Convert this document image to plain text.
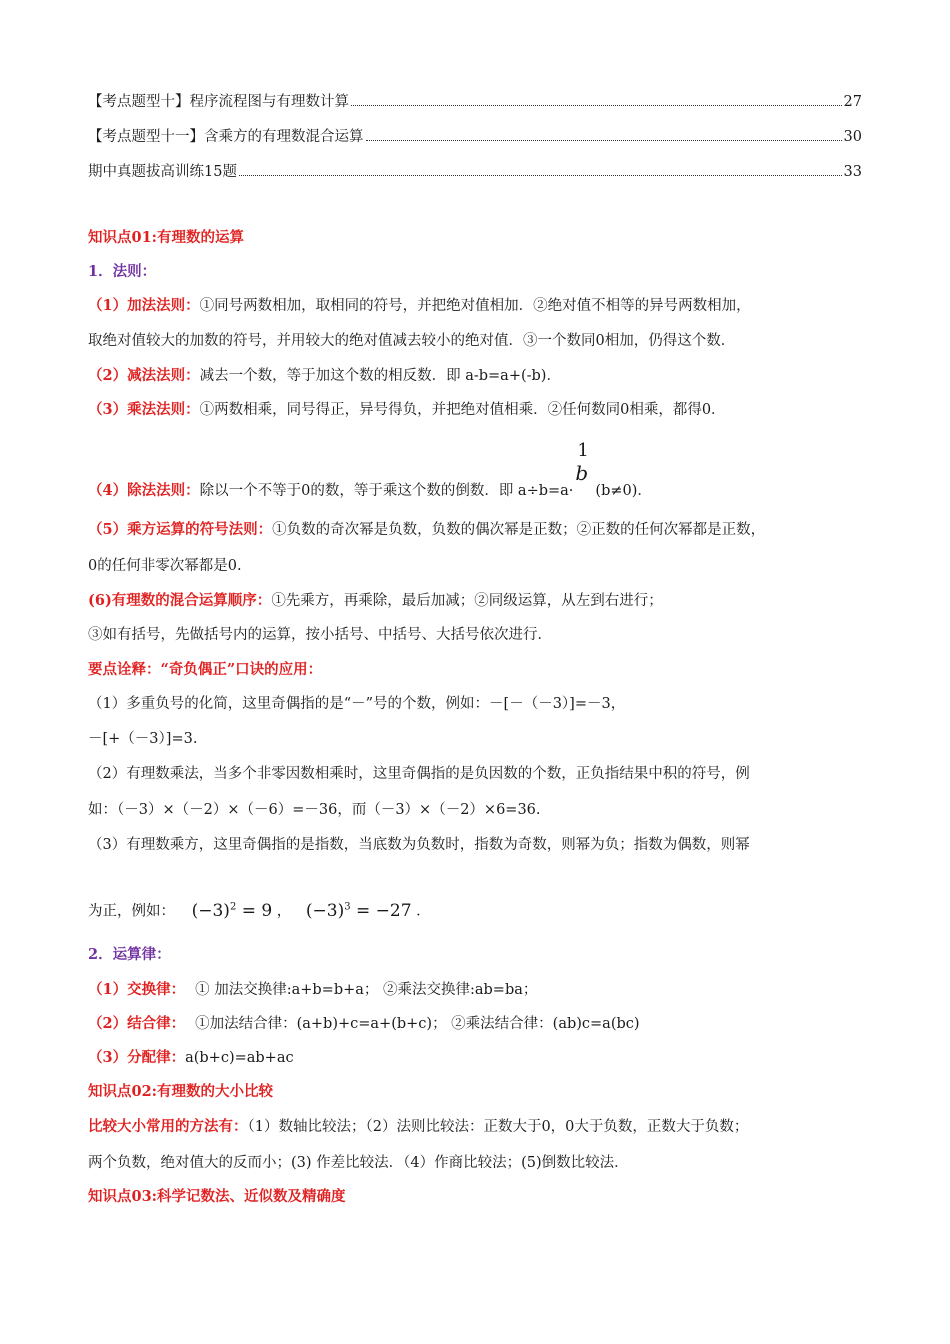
【考点题型十】程序流程图与有理数计算	27
【考点题型十一】含乘方的有理数混合运算	30
期中真题拔高训练15题	33
知识点01:有理数的运算
1．法则：
（1）加法法则：①同号两数相加，取相同的符号，并把绝对值相加．②绝对值不相等的异号两数相加，
取绝对值较大的加数的符号，并用较大的绝对值减去较小的绝对值．③一个数同0相加，仍得这个数．
（2）减法法则：减去一个数，等于加这个数的相反数．即 a-b=a+(-b)．
（3）乘法法则：①两数相乘，同号得正，异号得负，并把绝对值相乘．②任何数同0相乘，都得0．
（4）除法法则：除以一个不等于0的数，等于乘这个数的倒数．即 a÷b=a·
1
b
(b≠0)．
（5）乘方运算的符号法则：①负数的奇次幂是负数，负数的偶次幂是正数；②正数的任何次幂都是正数，
0的任何非零次幂都是0.
(6)有理数的混合运算顺序：①先乘方，再乘除，最后加减；②同级运算，从左到右进行；
③如有括号，先做括号内的运算，按小括号、中括号、大括号依次进行．
要点诠释：“奇负偶正”口诀的应用：
（1）多重负号的化简，这里奇偶指的是“－”号的个数，例如：－[－（－3）]=－3，
－[+（－3）]=3.
（2）有理数乘法，当多个非零因数相乘时，这里奇偶指的是负因数的个数，正负指结果中积的符号，例
如：（－3）×（－2）×（－6）=－36，而（－3）×（－2）×6=36.
（3）有理数乘方，这里奇偶指的是指数，当底数为负数时，指数为奇数，则幂为负；指数为偶数，则幂
为正，例如： $(-3)^2 = 9$ ， $(-3)^3 = -27$ ．
2．运算律：
（1）交换律： ① 加法交换律:a+b=b+a； ②乘法交换律:ab=ba；
（2）结合律： ①加法结合律：(a+b)+c=a+(b+c)； ②乘法结合律：(ab)c=a(bc)
（3）分配律：a(b+c)=ab+ac
知识点02:有理数的大小比较
比较大小常用的方法有：（1）数轴比较法；（2）法则比较法：正数大于0，0大于负数，正数大于负数；
两个负数，绝对值大的反而小；(3) 作差比较法．（4）作商比较法；(5)倒数比较法．
知识点03:科学记数法、近似数及精确度
